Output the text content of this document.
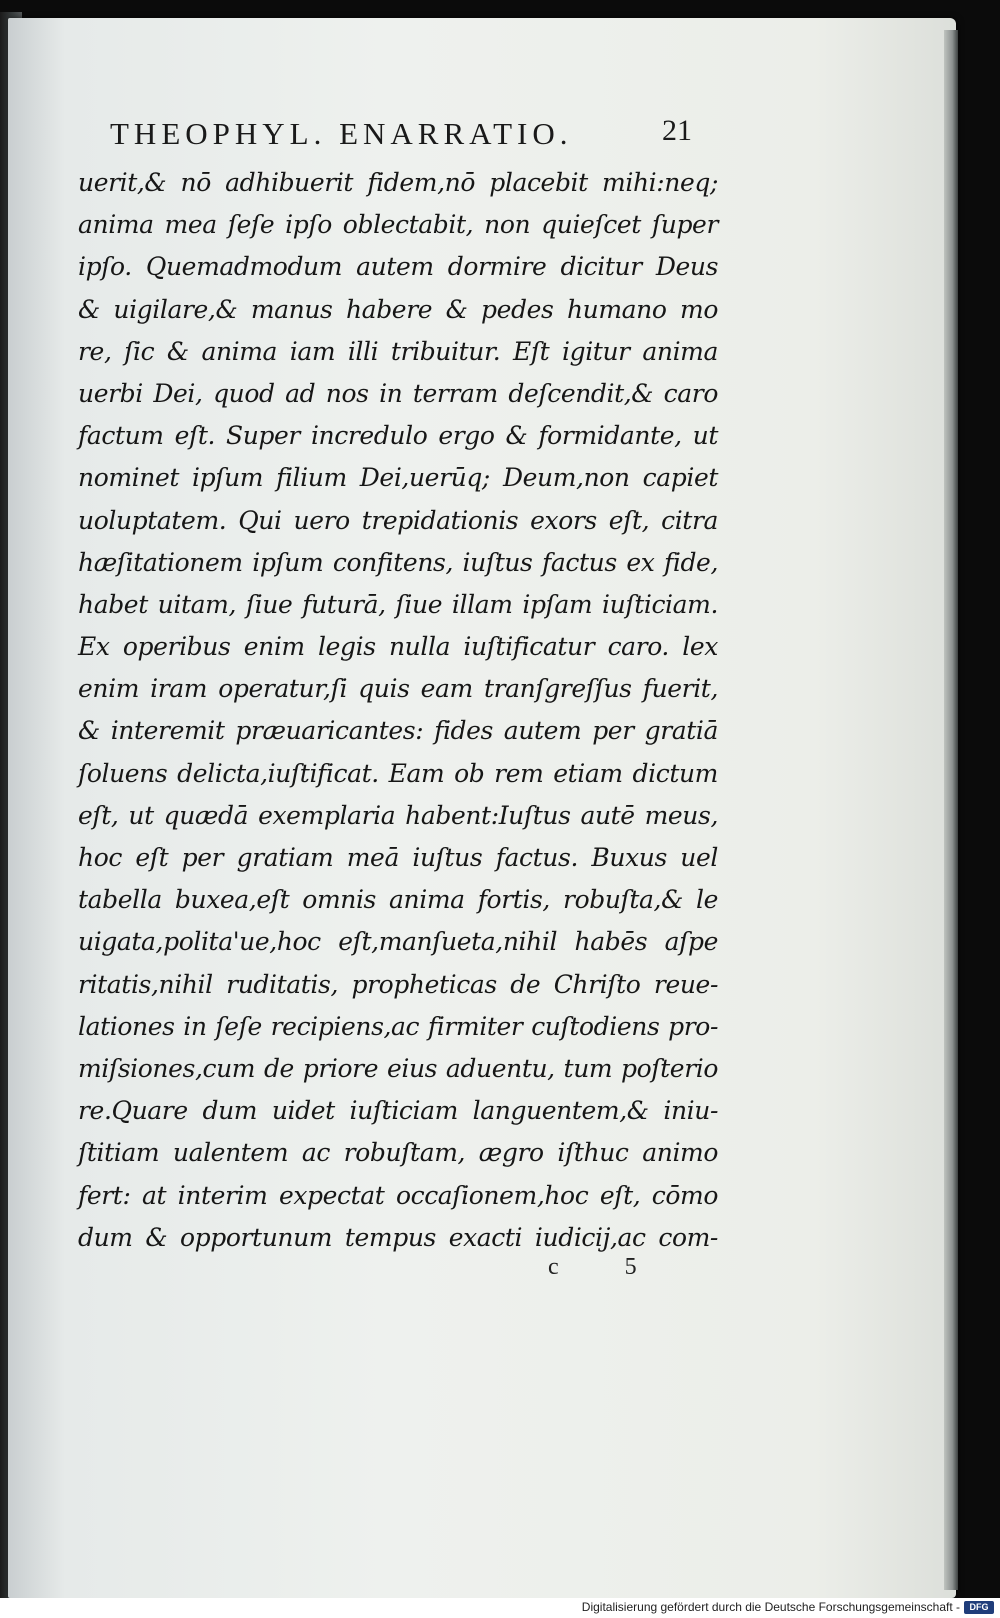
THEOPHYL. ENARRATIO.	21
uerit,& nō adhibuerit fidem,nō placebit mihi:neq;
anima mea ſeſe ipſo oblectabit, non quieſcet ſuper
ipſo. Quemadmodum autem dormire dicitur Deus
& uigilare,& manus habere & pedes humano mo
re, ſic & anima iam illi tribuitur. Eſt igitur anima
uerbi Dei, quod ad nos in terram deſcendit,& caro
factum eſt. Super incredulo ergo & formidante, ut
nominet ipſum filium Dei,uerūq; Deum,non capiet
uoluptatem. Qui uero trepidationis exors eſt, citra
hæſitationem ipſum confitens, iuſtus factus ex fide,
habet uitam, ſiue futurā, ſiue illam ipſam iuſticiam.
Ex operibus enim legis nulla iuſtificatur caro. lex
enim iram operatur,ſi quis eam tranſgreſſus fuerit,
& interemit præuaricantes: fides autem per gratiā
ſoluens delicta,iuſtificat. Eam ob rem etiam dictum
eſt, ut quædā exemplaria habent:Iuſtus autē meus,
hoc eſt per gratiam meā iuſtus factus. Buxus uel
tabella buxea,eſt omnis anima fortis, robuſta,& le
uigata,polita'ue,hoc eſt,manſueta,nihil habēs aſpe
ritatis,nihil ruditatis, propheticas de Chriſto reue-
lationes in ſeſe recipiens,ac firmiter cuſtodiens pro-
miſsiones,cum de priore eius aduentu, tum poſterio
re.Quare dum uidet iuſticiam languentem,& iniu-
ſtitiam ualentem ac robuſtam, ægro iſthuc animo
fert: at interim expectat occaſionem,hoc eſt, cōmo
dum & opportunum tempus exacti iudicij,ac com-
c 5
Digitalisierung gefördert durch die Deutsche Forschungsgemeinschaft -	DFG
